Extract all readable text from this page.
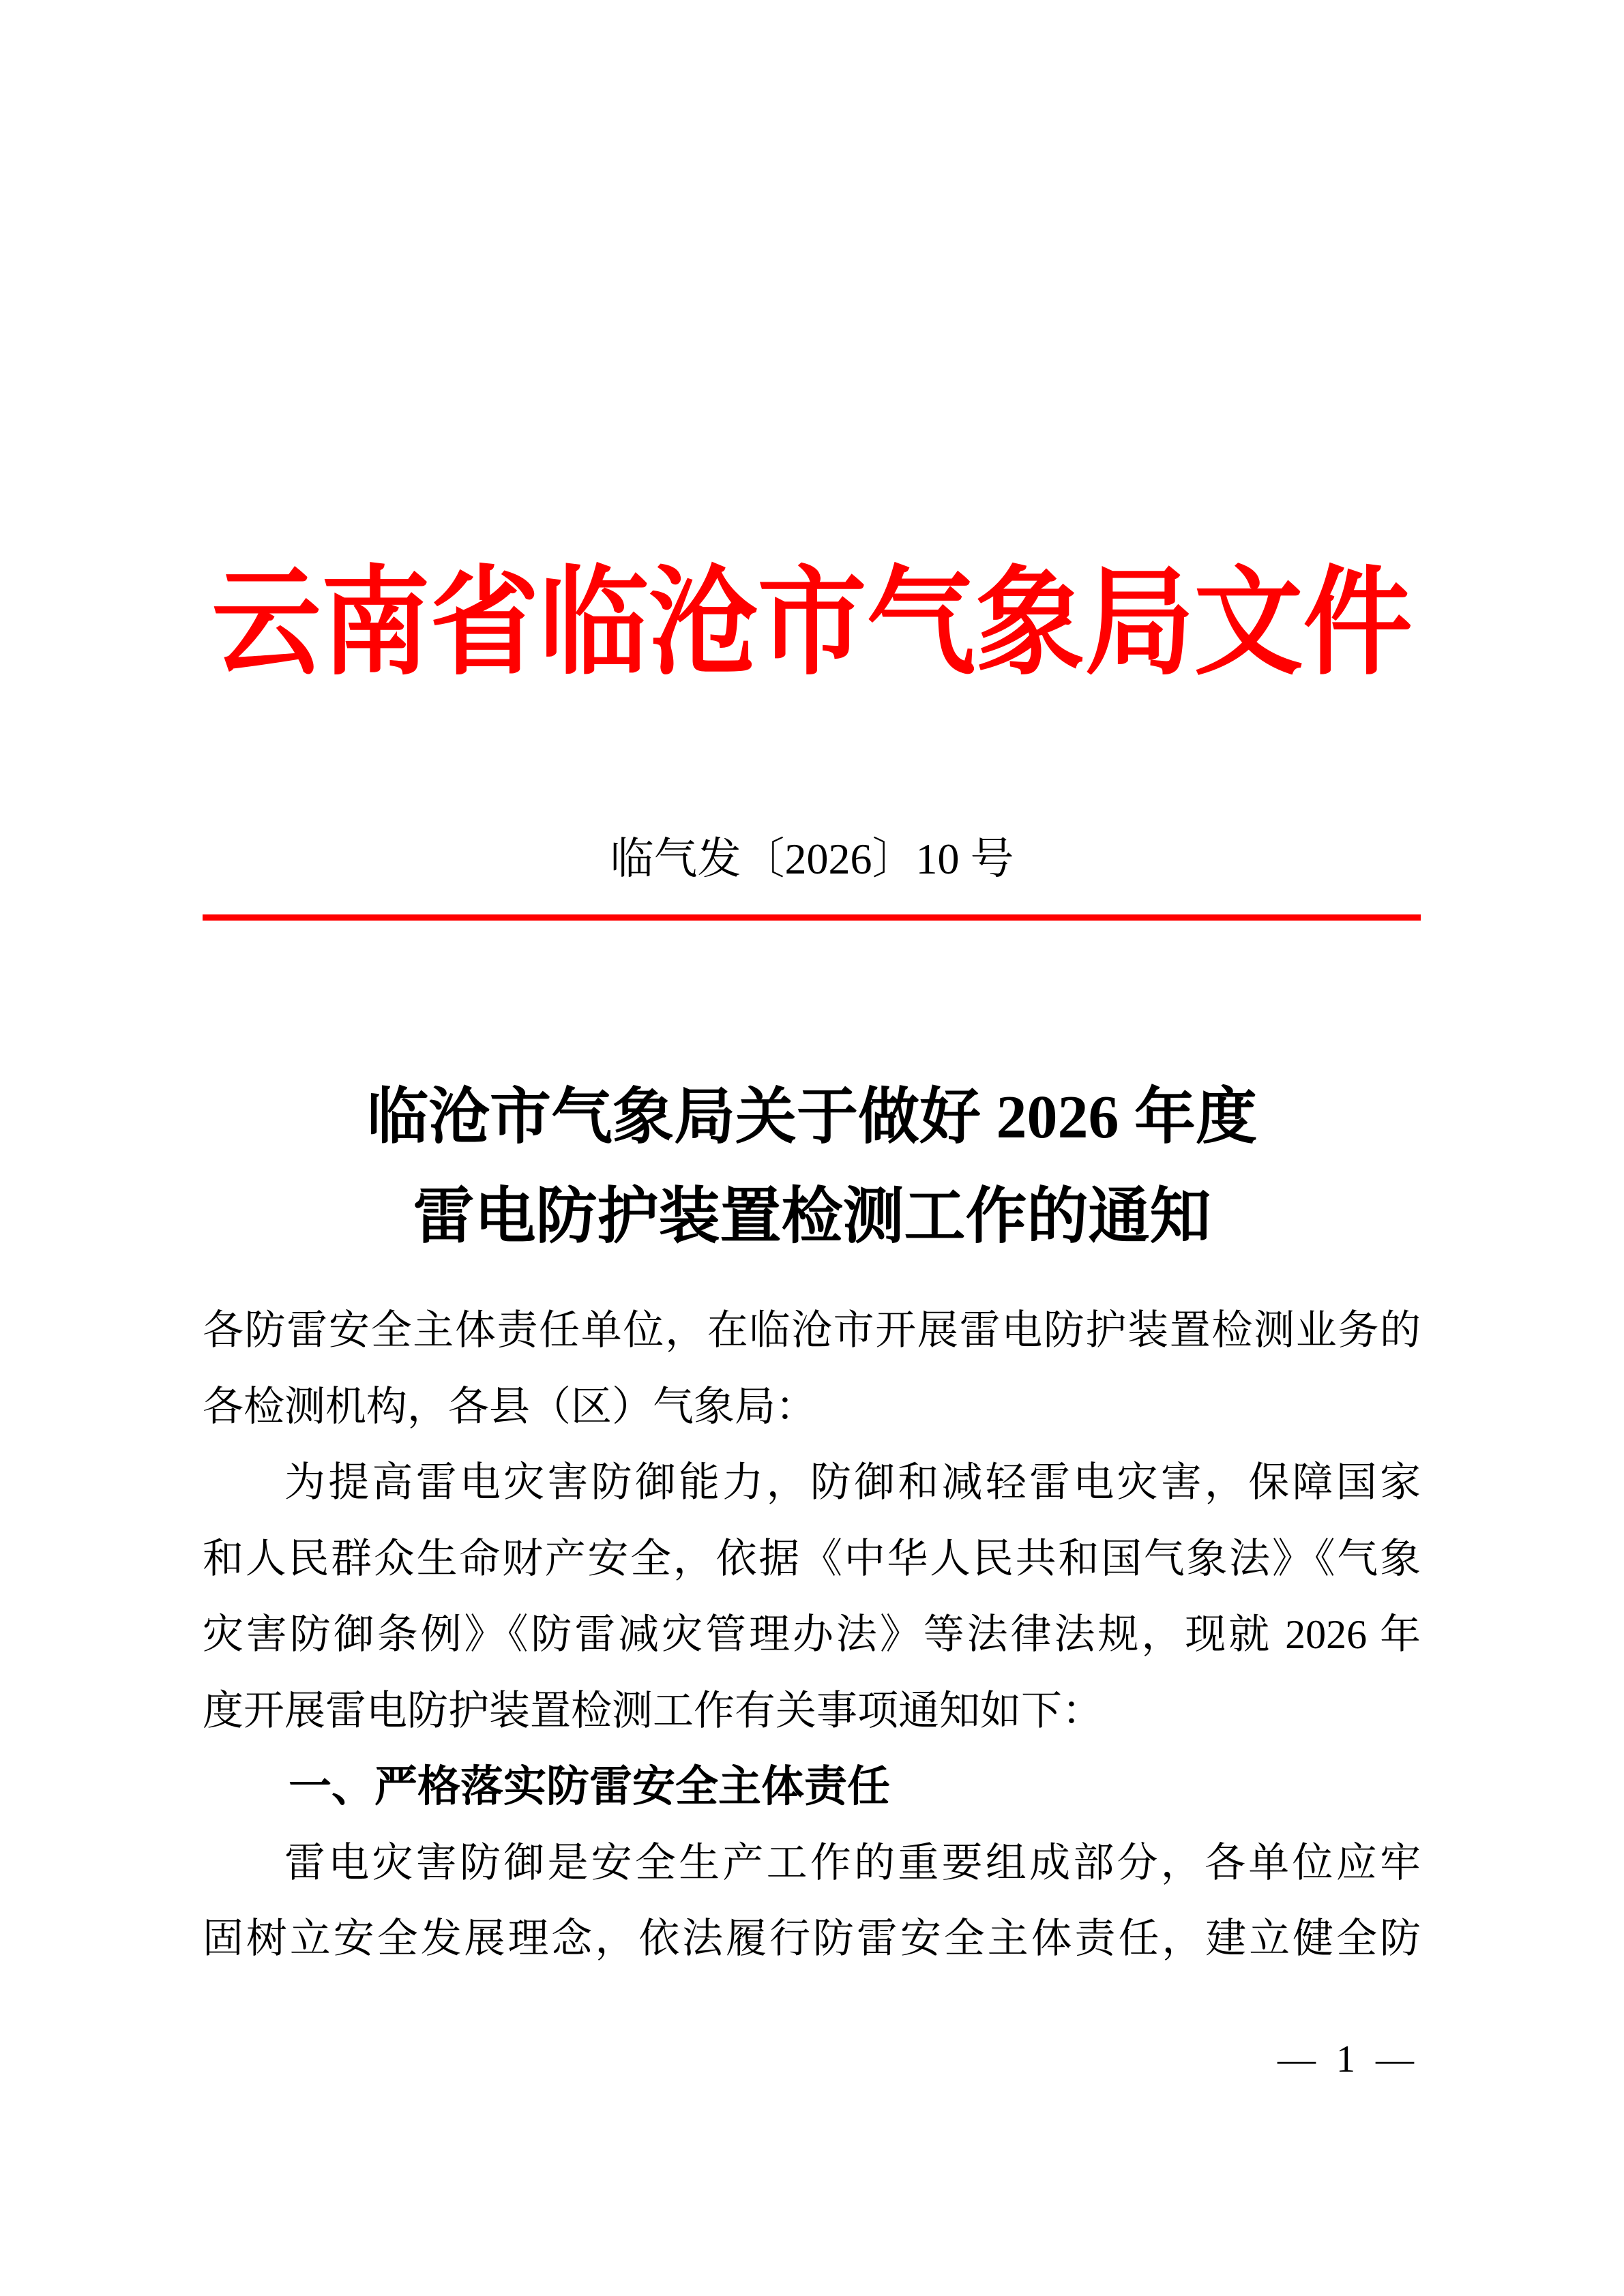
云南省临沧市气象局文件
临气发〔2026〕10 号
临沧市气象局关于做好 2026 年度
雷电防护装置检测工作的通知
各防雷安全主体责任单位，在临沧市开展雷电防护装置检测业务的
各检测机构，各县（区）气象局：
为提高雷电灾害防御能力，防御和减轻雷电灾害，保障国家
和人民群众生命财产安全，依据《中华人民共和国气象法》《气象
灾害防御条例》《防雷减灾管理办法》等法律法规，现就 2026 年
度开展雷电防护装置检测工作有关事项通知如下：
一、严格落实防雷安全主体责任
雷电灾害防御是安全生产工作的重要组成部分，各单位应牢
固树立安全发展理念，依法履行防雷安全主体责任，建立健全防
— 1 —
